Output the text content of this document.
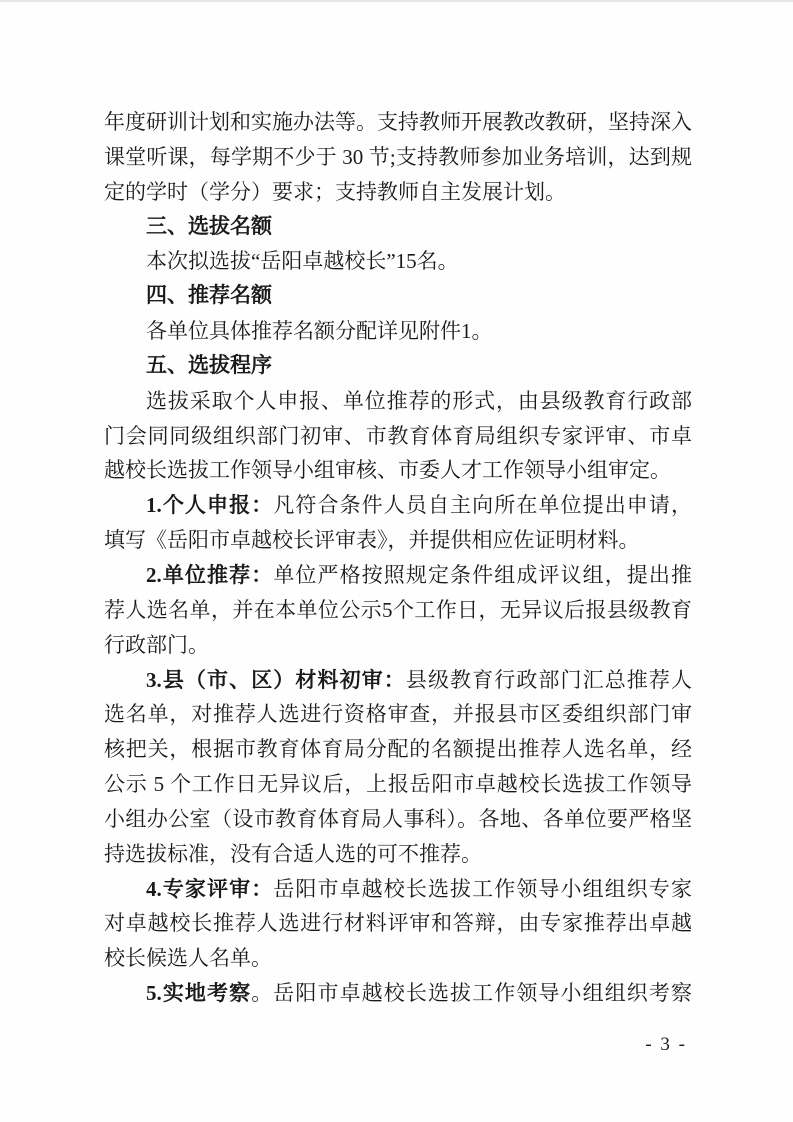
年度研训计划和实施办法等。支持教师开展教改教研，坚持深入
课堂听课，每学期不少于 30 节;支持教师参加业务培训，达到规
定的学时（学分）要求；支持教师自主发展计划。
三、选拔名额
本次拟选拔“岳阳卓越校长”15名。
四、推荐名额
各单位具体推荐名额分配详见附件1。
五、选拔程序
选拔采取个人申报、单位推荐的形式，由县级教育行政部
门会同同级组织部门初审、市教育体育局组织专家评审、市卓
越校长选拔工作领导小组审核、市委人才工作领导小组审定。
1.个人申报：凡符合条件人员自主向所在单位提出申请，
填写《岳阳市卓越校长评审表》，并提供相应佐证明材料。
2.单位推荐：单位严格按照规定条件组成评议组，提出推
荐人选名单，并在本单位公示5个工作日，无异议后报县级教育
行政部门。
3.县（市、区）材料初审：县级教育行政部门汇总推荐人
选名单，对推荐人选进行资格审查，并报县市区委组织部门审
核把关，根据市教育体育局分配的名额提出推荐人选名单，经
公示 5 个工作日无异议后，上报岳阳市卓越校长选拔工作领导
小组办公室（设市教育体育局人事科）。各地、各单位要严格坚
持选拔标准，没有合适人选的可不推荐。
4.专家评审：岳阳市卓越校长选拔工作领导小组组织专家
对卓越校长推荐人选进行材料评审和答辩，由专家推荐出卓越
校长候选人名单。
5.实地考察。岳阳市卓越校长选拔工作领导小组组织考察
- 3 -
